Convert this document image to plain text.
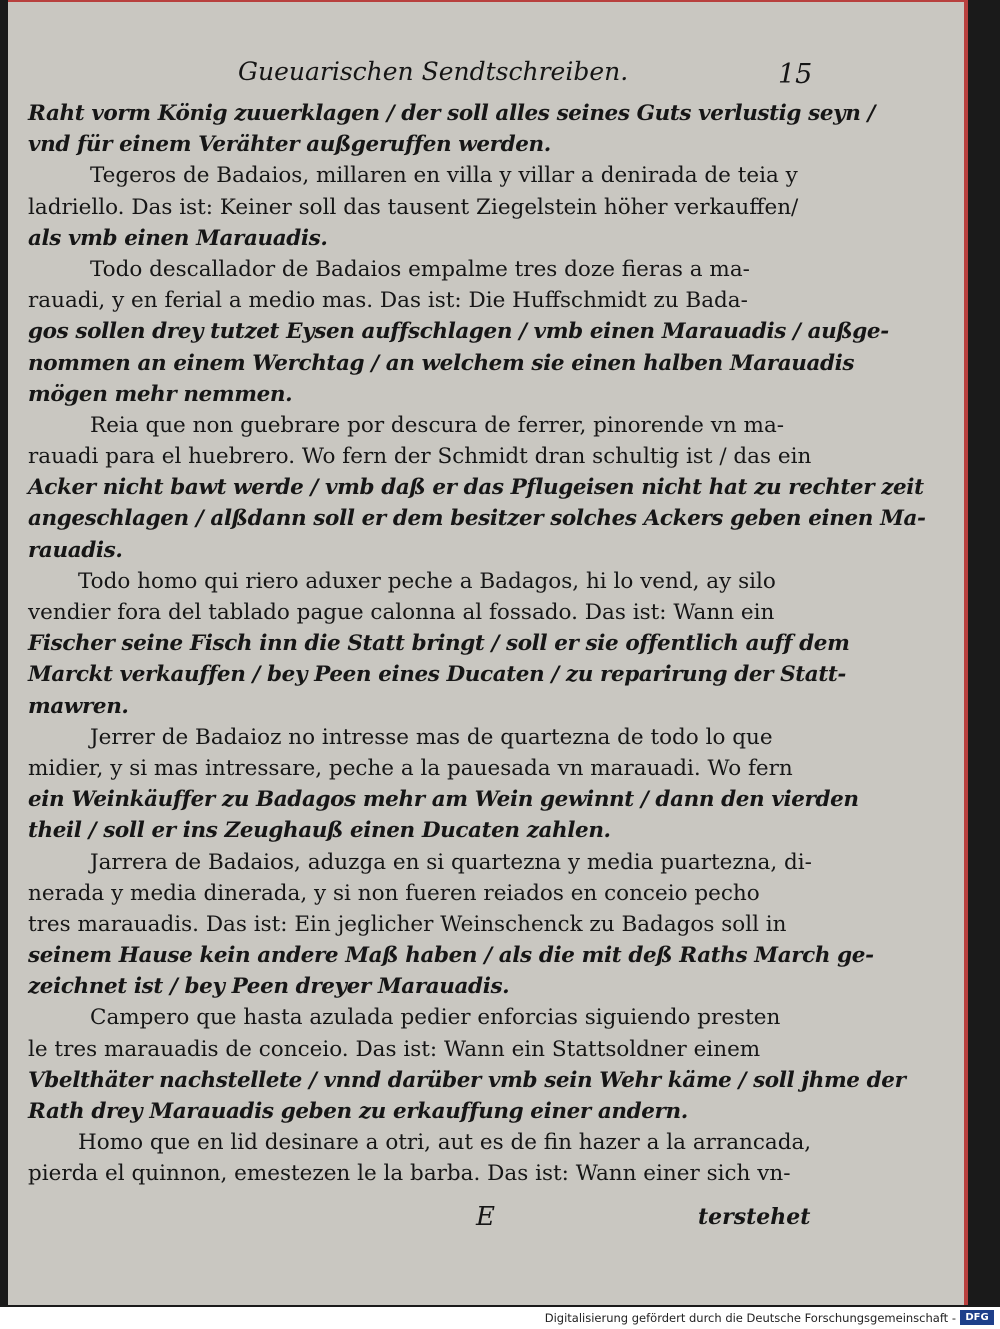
Gueuarischen Sendtschreiben.	15
Raht vorm König zuuerklagen / der soll alles seines Guts verlustig seyn /
vnd für einem Verähter außgeruffen werden.
Tegeros de Badaios, millaren en villa y villar a denirada de teia y
ladriello. Das ist: Keiner soll das tausent Ziegelstein höher verkauffen/
als vmb einen Marauadis.
Todo descallador de Badaios empalme tres doze fieras a ma-
rauadi, y en ferial a medio mas. Das ist: Die Huffschmidt zu Bada-
gos sollen drey tutzet Eysen auffschlagen / vmb einen Marauadis / außge-
nommen an einem Werchtag / an welchem sie einen halben Marauadis
mögen mehr nemmen.
Reia que non guebrare por descura de ferrer, pinorende vn ma-
rauadi para el huebrero. Wo fern der Schmidt dran schultig ist / das ein
Acker nicht bawt werde / vmb daß er das Pflugeisen nicht hat zu rechter zeit
angeschlagen / alßdann soll er dem besitzer solches Ackers geben einen Ma-
rauadis.
Todo homo qui riero aduxer peche a Badagos, hi lo vend, ay silo
vendier fora del tablado pague calonna al fossado. Das ist: Wann ein
Fischer seine Fisch inn die Statt bringt / soll er sie offentlich auff dem
Marckt verkauffen / bey Peen eines Ducaten / zu reparirung der Statt-
mawren.
Jerrer de Badaioz no intresse mas de quartezna de todo lo que
midier, y si mas intressare, peche a la pauesada vn marauadi. Wo fern
ein Weinkäuffer zu Badagos mehr am Wein gewinnt / dann den vierden
theil / soll er ins Zeughauß einen Ducaten zahlen.
Jarrera de Badaios, aduzga en si quartezna y media puartezna, di-
nerada y media dinerada, y si non fueren reiados en conceio pecho
tres marauadis. Das ist: Ein jeglicher Weinschenck zu Badagos soll in
seinem Hause kein andere Maß haben / als die mit deß Raths March ge-
zeichnet ist / bey Peen dreyer Marauadis.
Campero que hasta azulada pedier enforcias siguiendo presten
le tres marauadis de conceio. Das ist: Wann ein Stattsoldner einem
Vbelthäter nachstellete / vnnd darüber vmb sein Wehr käme / soll jhme der
Rath drey Marauadis geben zu erkauffung einer andern.
Homo que en lid desinare a otri, aut es de fin hazer a la arrancada,
pierda el quinnon, emestezen le la barba. Das ist: Wann einer sich vn-
E	terstehet
Digitalisierung gefördert durch die Deutsche Forschungsgemeinschaft - DFG
